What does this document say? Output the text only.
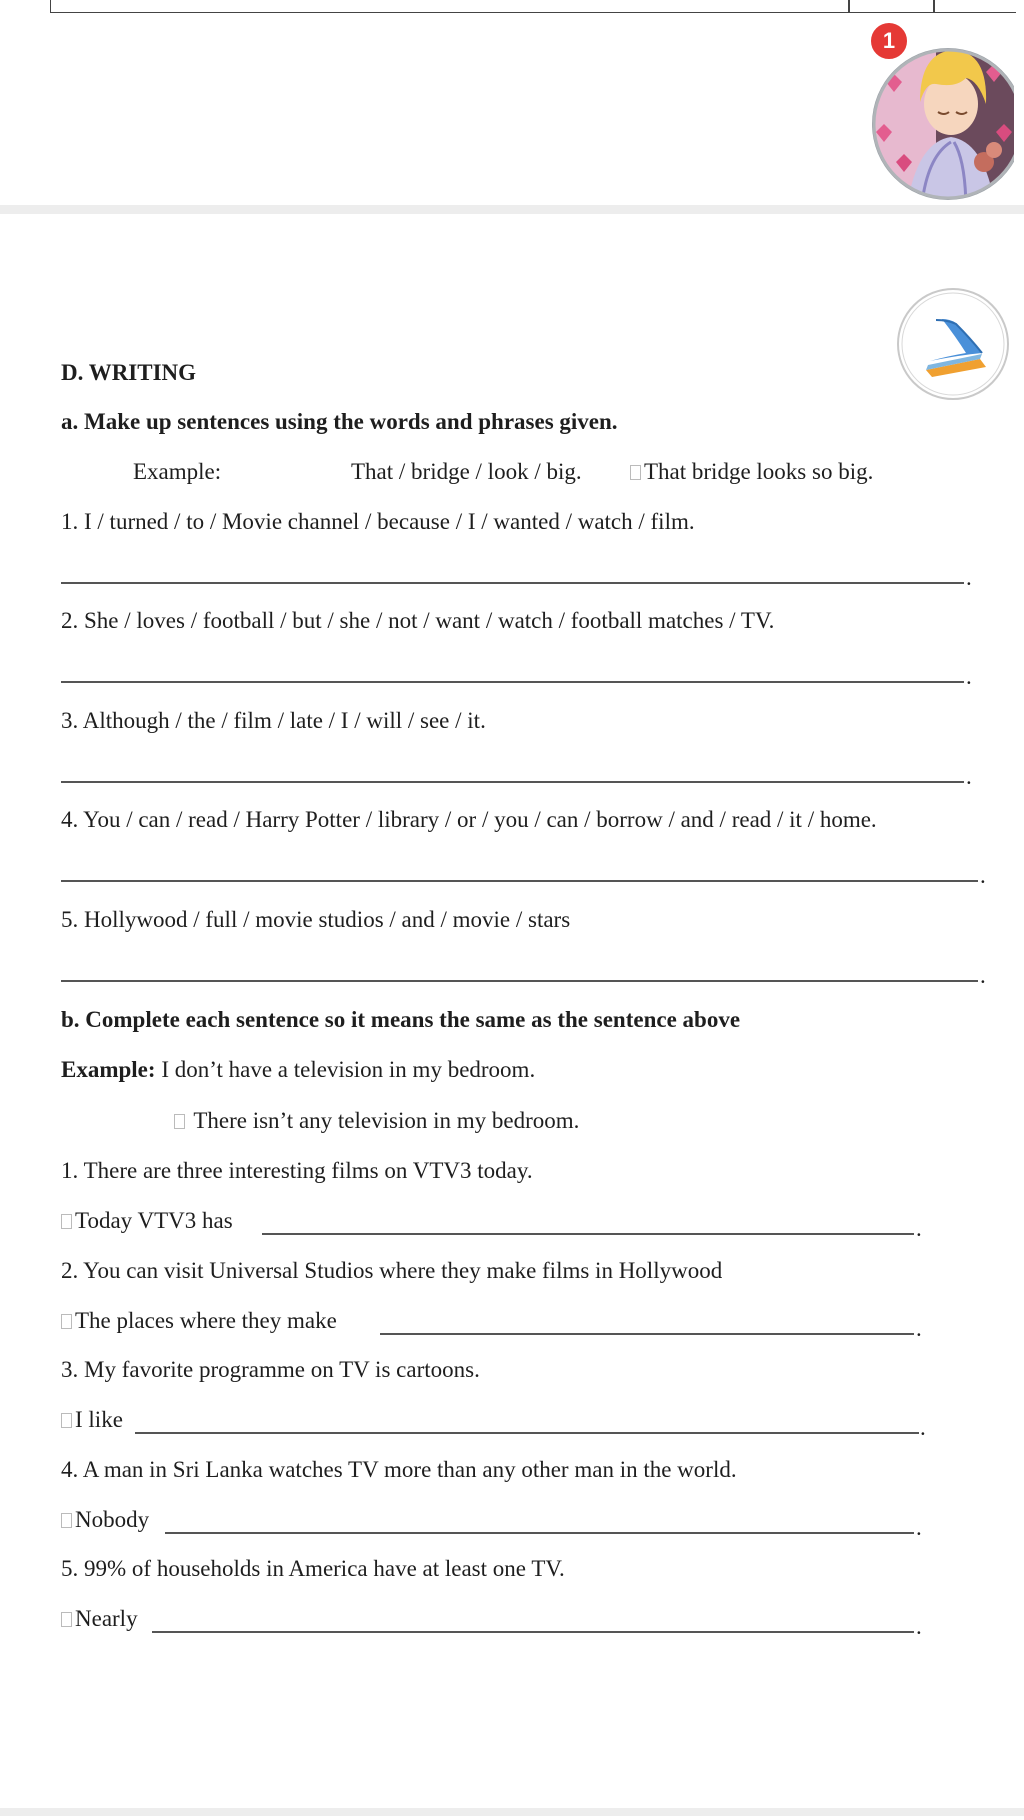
1
D. WRITING
a. Make up sentences using the words and phrases given.
Example:	That / bridge / look / big.	That bridge looks so big.
1. I / turned / to / Movie channel / because / I / wanted / watch / film.
.
2. She / loves / football / but / she / not / want / watch / football matches / TV.
.
3. Although / the / film / late / I / will / see / it.
.
4. You / can / read / Harry Potter / library / or / you / can / borrow / and / read / it / home.
.
5. Hollywood / full / movie studios / and / movie / stars
.
b. Complete each sentence so it means the same as the sentence above
Example: I don’t have a television in my bedroom.
There isn’t any television in my bedroom.
1. There are three interesting films on VTV3 today.
Today VTV3 has	.
2. You can visit Universal Studios where they make films in Hollywood
The places where they make	.
3. My favorite programme on TV is cartoons.
I like	.
4. A man in Sri Lanka watches TV more than any other man in the world.
Nobody	.
5. 99% of households in America have at least one TV.
Nearly	.
